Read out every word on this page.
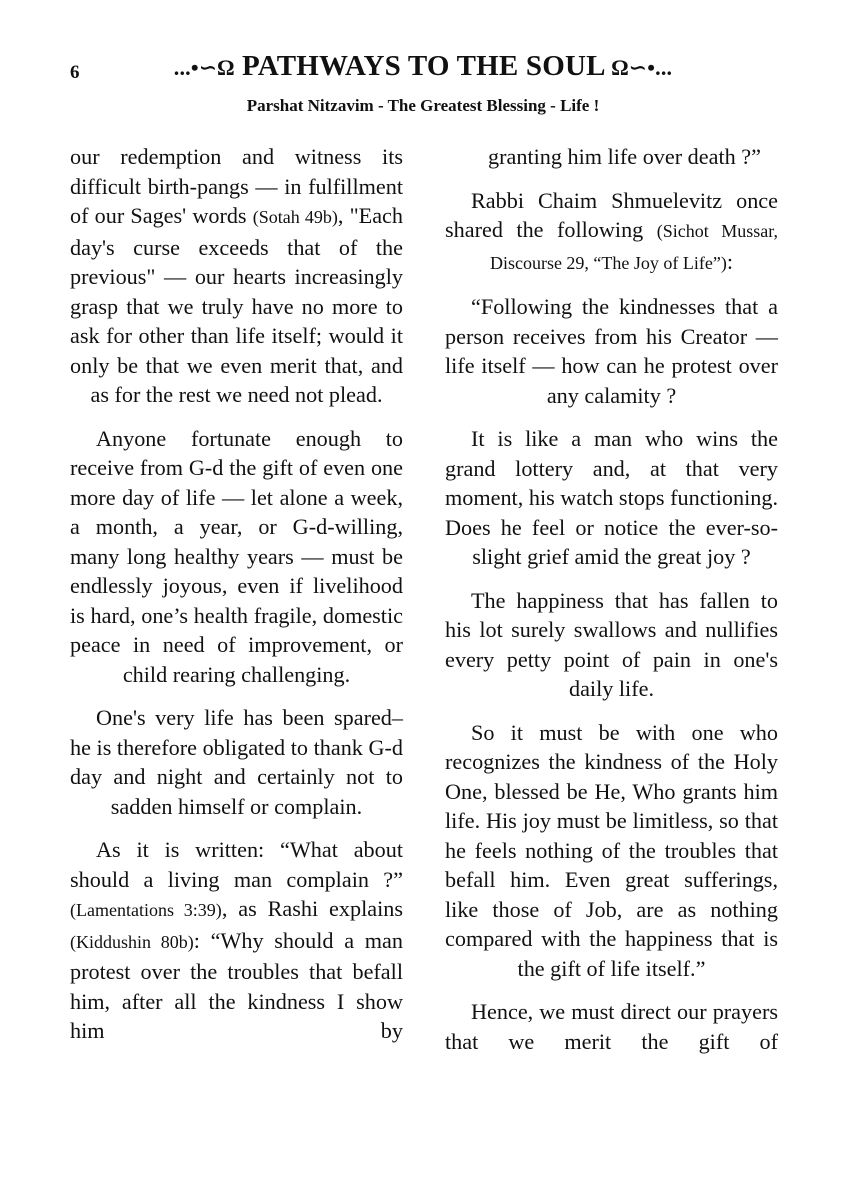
6	...•∽Ω PATHWAYS TO THE SOUL Ω∽•...
Parshat Nitzavim - The Greatest Blessing - Life !

our redemption and witness its difficult birth-pangs — in fulfillment of our Sages' words (Sotah 49b), "Each day's curse exceeds that of the previous" — our hearts increasingly grasp that we truly have no more to ask for other than life itself; would it only be that we even merit that, and as for the rest we need not plead.

Anyone fortunate enough to receive from G-d the gift of even one more day of life — let alone a week, a month, a year, or G-d-willing, many long healthy years — must be endlessly joyous, even if livelihood is hard, one’s health fragile, domestic peace in need of improvement, or child rearing challenging.

One's very life has been spared–he is therefore obligated to thank G-d day and night and certainly not to sadden himself or complain.

As it is written: “What about should a living man complain ?” (Lamentations 3:39), as Rashi explains (Kiddushin 80b): “Why should a man protest over the troubles that befall him, after all the kindness I show him by

granting him life over death ?”

Rabbi Chaim Shmuelevitz once shared the following (Sichot Mussar, Discourse 29, “The Joy of Life”):

“Following the kindnesses that a person receives from his Creator — life itself — how can he protest over any calamity ?

It is like a man who wins the grand lottery and, at that very moment, his watch stops functioning. Does he feel or notice the ever-so-slight grief amid the great joy ?

The happiness that has fallen to his lot surely swallows and nullifies every petty point of pain in one's daily life.

So it must be with one who recognizes the kindness of the Holy One, blessed be He, Who grants him life. His joy must be limitless, so that he feels nothing of the troubles that befall him. Even great sufferings, like those of Job, are as nothing compared with the happiness that is the gift of life itself.”

Hence, we must direct our prayers that we merit the gift of
